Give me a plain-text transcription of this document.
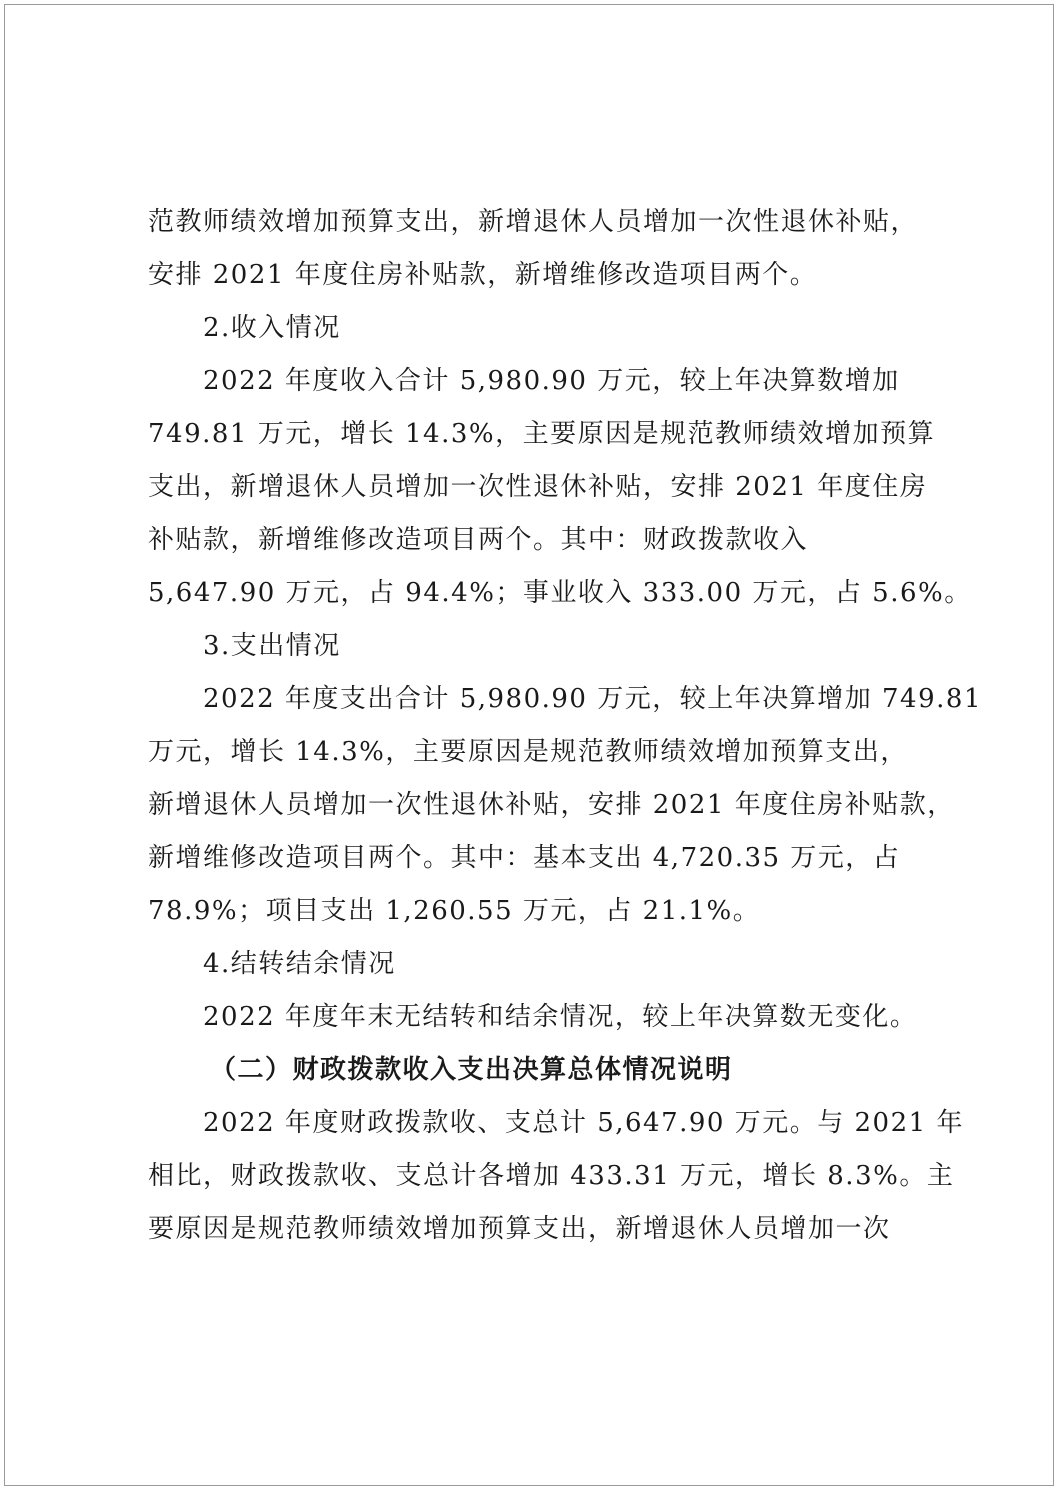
范教师绩效增加预算支出，新增退休人员增加一次性退休补贴，
安排 2021 年度住房补贴款，新增维修改造项目两个。
2.收入情况
2022 年度收入合计 5,980.90 万元，较上年决算数增加
749.81 万元，增长 14.3%，主要原因是规范教师绩效增加预算
支出，新增退休人员增加一次性退休补贴，安排 2021 年度住房
补贴款，新增维修改造项目两个。其中：财政拨款收入
5,647.90 万元，占 94.4%；事业收入 333.00 万元，占 5.6%。
3.支出情况
2022 年度支出合计 5,980.90 万元，较上年决算增加 749.81
万元，增长 14.3%，主要原因是规范教师绩效增加预算支出，
新增退休人员增加一次性退休补贴，安排 2021 年度住房补贴款，
新增维修改造项目两个。其中：基本支出 4,720.35 万元，占
78.9%；项目支出 1,260.55 万元，占 21.1%。
4.结转结余情况
2022 年度年末无结转和结余情况，较上年决算数无变化。
（二）财政拨款收入支出决算总体情况说明
2022 年度财政拨款收、支总计 5,647.90 万元。与 2021 年
相比，财政拨款收、支总计各增加 433.31 万元，增长 8.3%。主
要原因是规范教师绩效增加预算支出，新增退休人员增加一次
